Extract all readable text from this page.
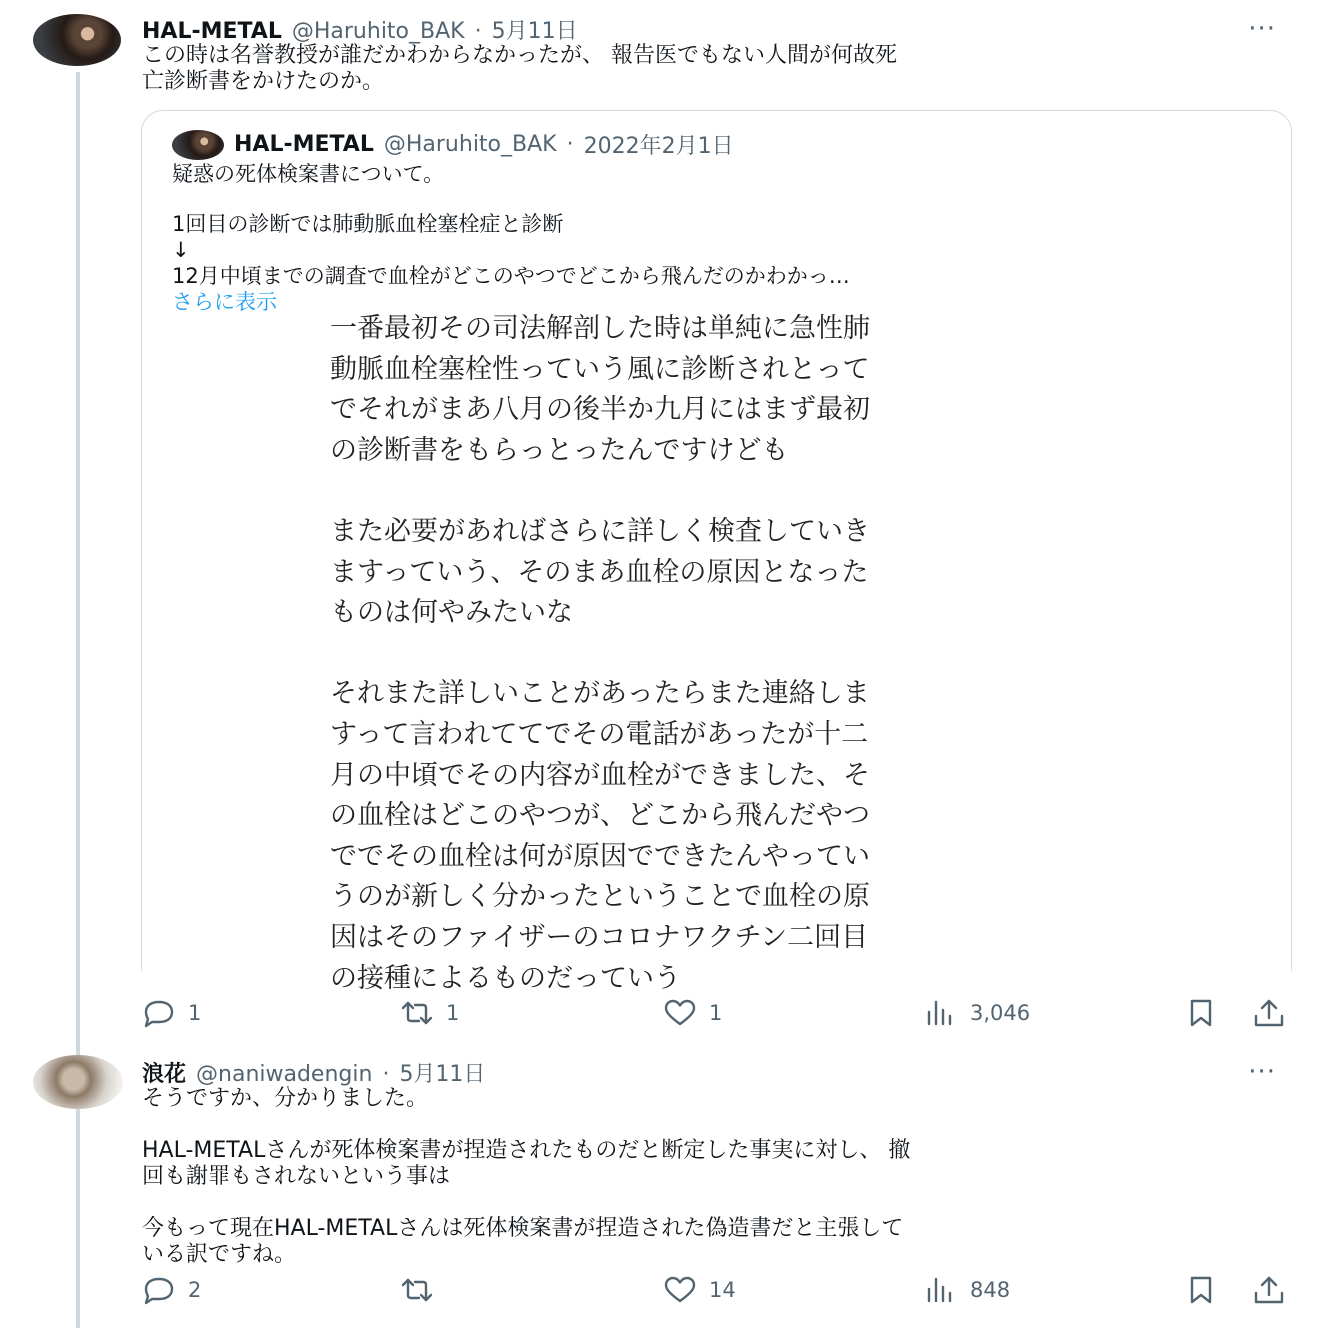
HAL-METAL @Haruhito_BAK · 5月11日	···

この時は名誉教授が誰だかわからなかったが、 報告医でもない人間が何故死
亡診断書をかけたのか。

HAL-METAL @Haruhito_BAK · 2022年2月1日
疑惑の死体検案書について。
1回目の診断では肺動脈血栓塞栓症と診断
↓
12月中頃までの調査で血栓がどこのやつでどこから飛んだのかわかっ…
さらに表示
一番最初その司法解剖した時は単純に急性肺
動脈血栓塞栓性っていう風に診断されとって
でそれがまあ八月の後半か九月にはまず最初
の診断書をもらっとったんですけども
また必要があればさらに詳しく検査していき
ますっていう、そのまあ血栓の原因となった
ものは何やみたいな
それまた詳しいことがあったらまた連絡しま
すって言われててでその電話があったが十二
月の中頃でその内容が血栓ができました、そ
の血栓はどこのやつが、どこから飛んだやつ
ででその血栓は何が原因でできたんやってい
うのが新しく分かったということで血栓の原
因はそのファイザーのコロナワクチン二回目
の接種によるものだっていう
1	1	1	3,046
浪花 @naniwadengin · 5月11日	···

そうですか、分かりました。

HAL-METALさんが死体検案書が捏造されたものだと断定した事実に対し、 撤
回も謝罪もされないという事は

今もって現在HAL-METALさんは死体検案書が捏造された偽造書だと主張して
いる訳ですね。

2	14	848
